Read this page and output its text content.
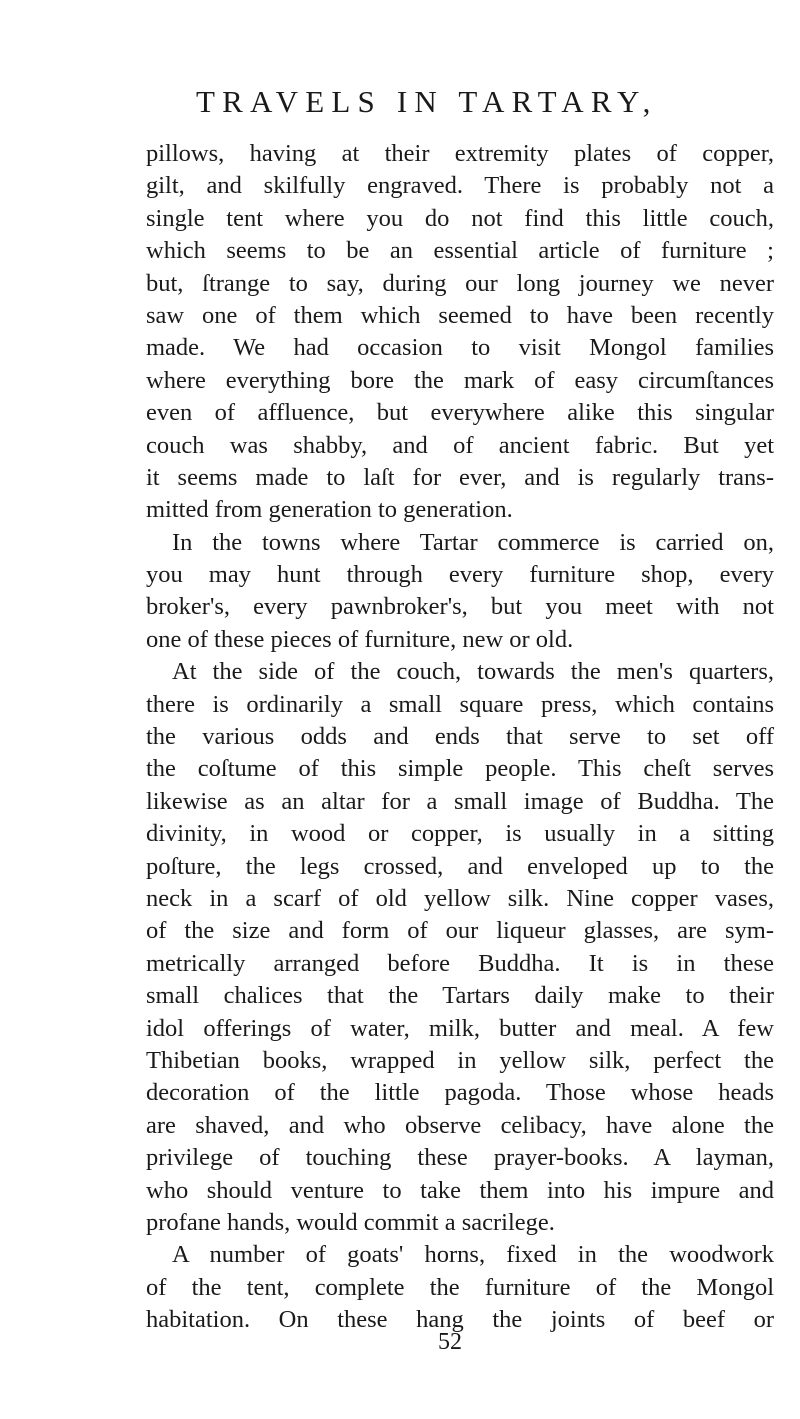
TRAVELS IN TARTARY,
pillows, having at their extremity plates of copper,
gilt, and skilfully engraved. There is probably not a
single tent where you do not find this little couch,
which seems to be an essential article of furniture ;
but, ſtrange to say, during our long journey we never
saw one of them which seemed to have been recently
made. We had occasion to visit Mongol families
where everything bore the mark of easy circumſtances
even of affluence, but everywhere alike this singular
couch was shabby, and of ancient fabric. But yet
it seems made to laſt for ever, and is regularly trans-
mitted from generation to generation.
In the towns where Tartar commerce is carried on,
you may hunt through every furniture shop, every
broker's, every pawnbroker's, but you meet with not
one of these pieces of furniture, new or old.
At the side of the couch, towards the men's quarters,
there is ordinarily a small square press, which contains
the various odds and ends that serve to set off
the coſtume of this simple people. This cheſt serves
likewise as an altar for a small image of Buddha. The
divinity, in wood or copper, is usually in a sitting
poſture, the legs crossed, and enveloped up to the
neck in a scarf of old yellow silk. Nine copper vases,
of the size and form of our liqueur glasses, are sym-
metrically arranged before Buddha. It is in these
small chalices that the Tartars daily make to their
idol offerings of water, milk, butter and meal. A few
Thibetian books, wrapped in yellow silk, perfect the
decoration of the little pagoda. Those whose heads
are shaved, and who observe celibacy, have alone the
privilege of touching these prayer-books. A layman,
who should venture to take them into his impure and
profane hands, would commit a sacrilege.
A number of goats' horns, fixed in the woodwork
of the tent, complete the furniture of the Mongol
habitation. On these hang the joints of beef or
52
